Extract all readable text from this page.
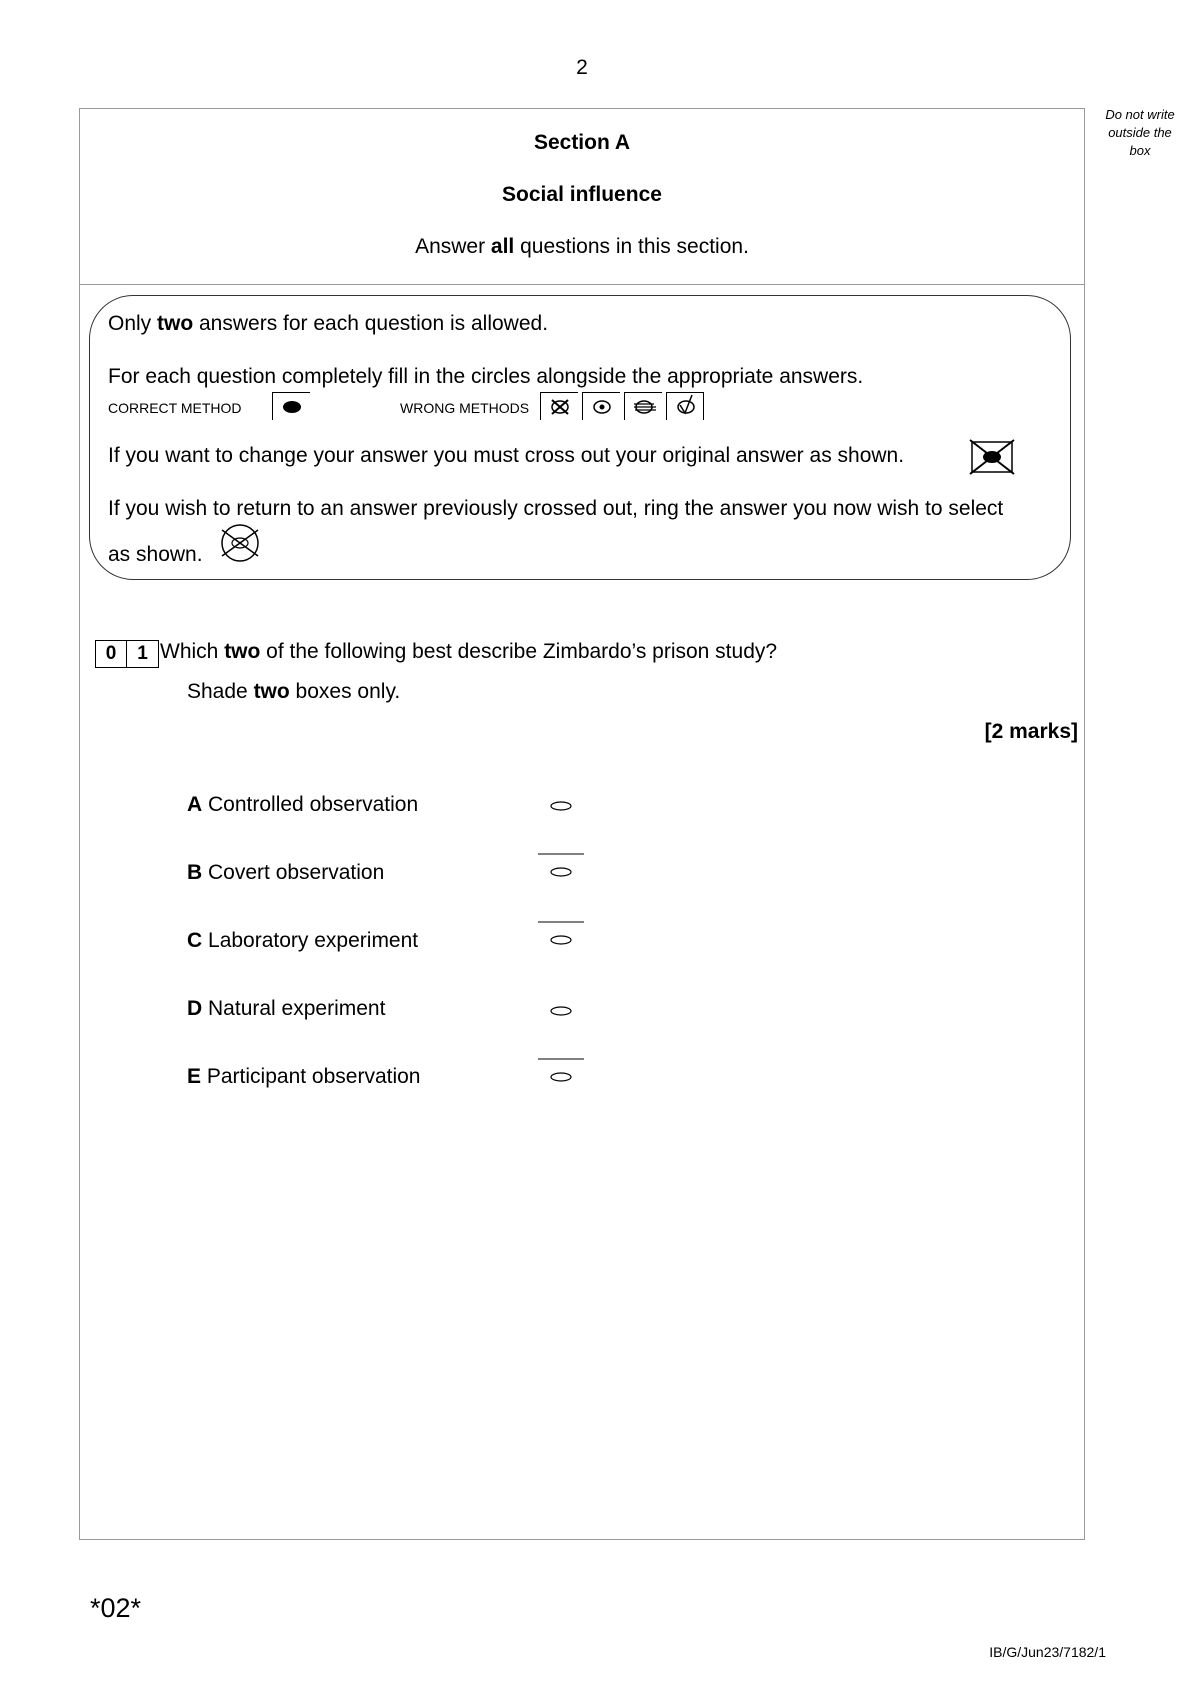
2
Do not write outside the box
Section A
Social influence
Answer all questions in this section.
Only two answers for each question is allowed.
For each question completely fill in the circles alongside the appropriate answers.
CORRECT METHOD	WRONG METHODS
If you want to change your answer you must cross out your original answer as shown.
If you wish to return to an answer previously crossed out, ring the answer you now wish to select
as shown.
0	1 Which two of the following best describe Zimbardo’s prison study?
Shade two boxes only.
[2 marks]
A Controlled observation
B Covert observation
C Laboratory experiment
D Natural experiment
E Participant observation
*02*
IB/G/Jun23/7182/1
